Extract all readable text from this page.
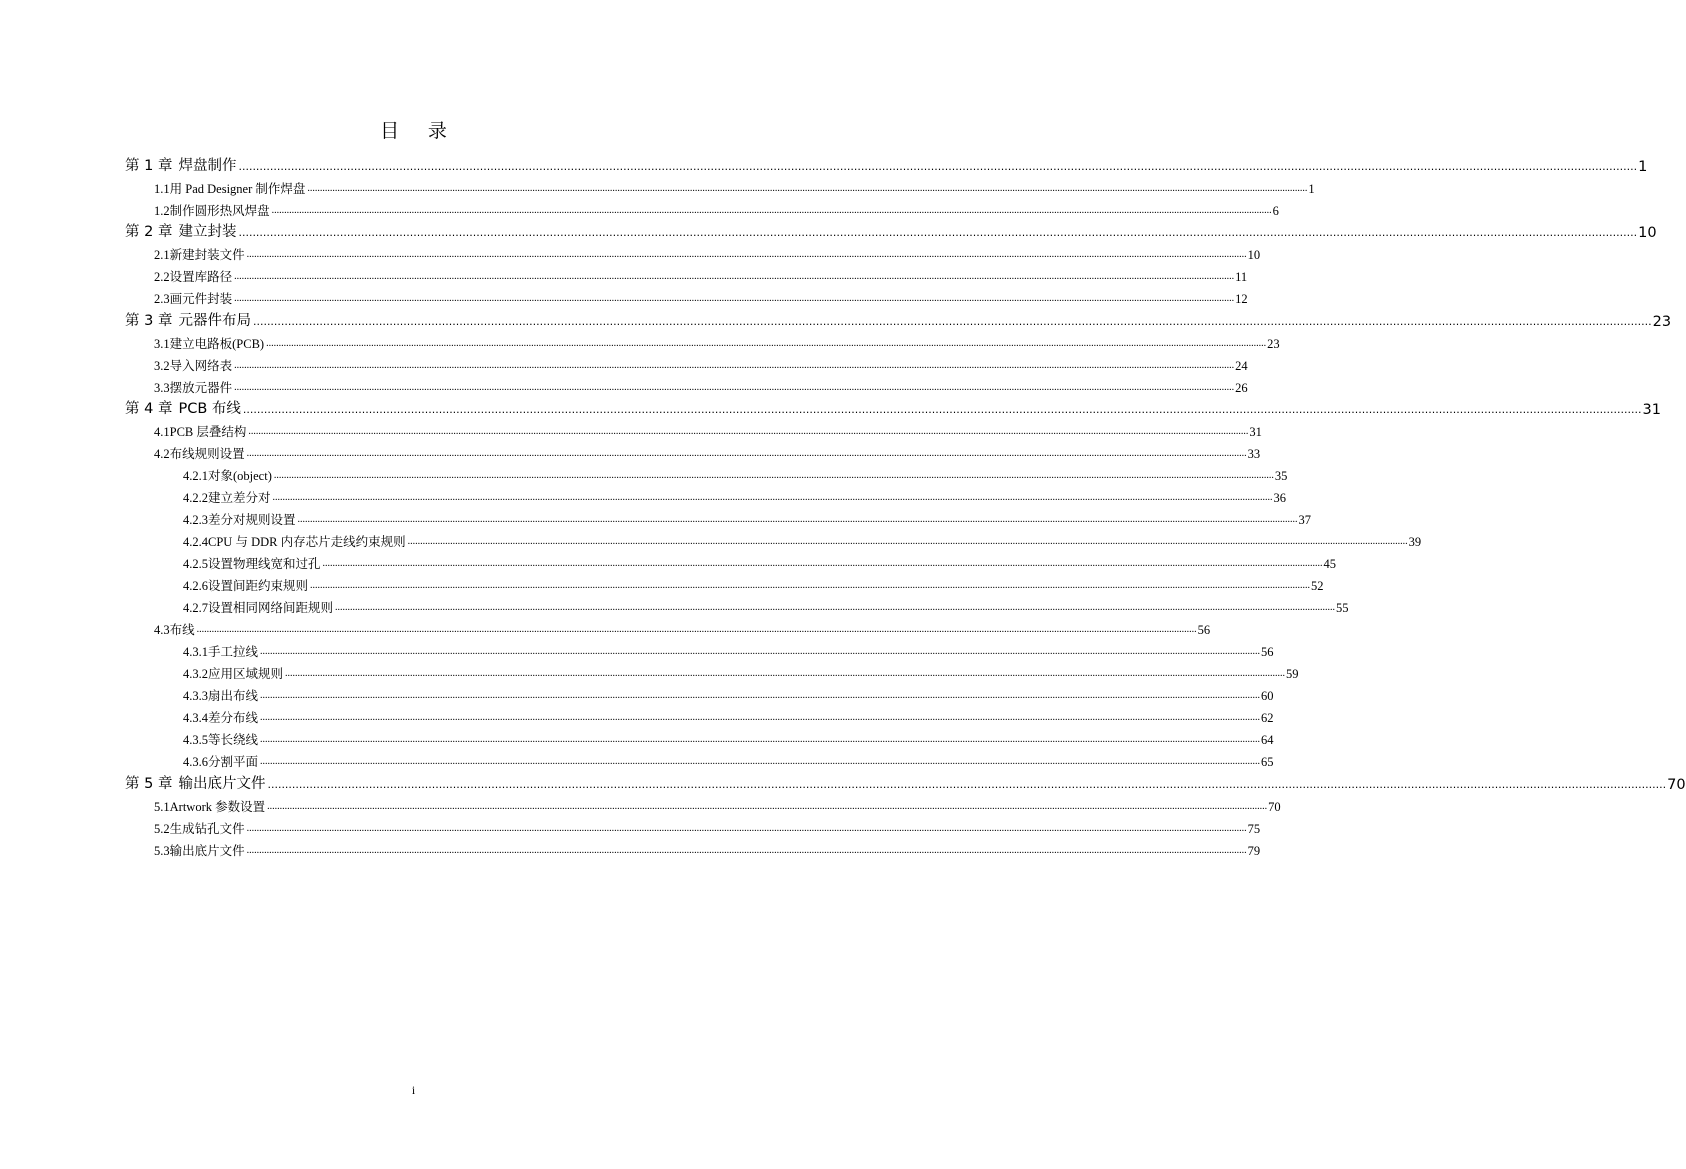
目 录
第 1 章 焊盘制作 ................................................................................................................................................................................................................................................................................................................................................................................................................ 1
1.1 用 Pad Designer 制作焊盘 ................................................................................................................................................................................................................................................................................................................................................................................................................ 1
1.2 制作圆形热风焊盘 ................................................................................................................................................................................................................................................................................................................................................................................................................ 6
第 2 章 建立封装 ................................................................................................................................................................................................................................................................................................................................................................................................................ 10
2.1 新建封装文件 ................................................................................................................................................................................................................................................................................................................................................................................................................ 10
2.2 设置库路径 ................................................................................................................................................................................................................................................................................................................................................................................................................ 11
2.3 画元件封装 ................................................................................................................................................................................................................................................................................................................................................................................................................ 12
第 3 章 元器件布局 ................................................................................................................................................................................................................................................................................................................................................................................................................ 23
3.1 建立电路板(PCB) ................................................................................................................................................................................................................................................................................................................................................................................................................ 23
3.2 导入网络表 ................................................................................................................................................................................................................................................................................................................................................................................................................ 24
3.3 摆放元器件 ................................................................................................................................................................................................................................................................................................................................................................................................................ 26
第 4 章 PCB 布线 ................................................................................................................................................................................................................................................................................................................................................................................................................ 31
4.1 PCB 层叠结构 ................................................................................................................................................................................................................................................................................................................................................................................................................ 31
4.2 布线规则设置 ................................................................................................................................................................................................................................................................................................................................................................................................................ 33
4.2.1 对象(object) ................................................................................................................................................................................................................................................................................................................................................................................................................ 35
4.2.2 建立差分对 ................................................................................................................................................................................................................................................................................................................................................................................................................ 36
4.2.3 差分对规则设置 ................................................................................................................................................................................................................................................................................................................................................................................................................ 37
4.2.4 CPU 与 DDR 内存芯片走线约束规则 ................................................................................................................................................................................................................................................................................................................................................................................................................ 39
4.2.5 设置物理线宽和过孔 ................................................................................................................................................................................................................................................................................................................................................................................................................ 45
4.2.6 设置间距约束规则 ................................................................................................................................................................................................................................................................................................................................................................................................................ 52
4.2.7 设置相同网络间距规则 ................................................................................................................................................................................................................................................................................................................................................................................................................ 55
4.3 布线 ................................................................................................................................................................................................................................................................................................................................................................................................................ 56
4.3.1 手工拉线 ................................................................................................................................................................................................................................................................................................................................................................................................................ 56
4.3.2 应用区域规则 ................................................................................................................................................................................................................................................................................................................................................................................................................ 59
4.3.3 扇出布线 ................................................................................................................................................................................................................................................................................................................................................................................................................ 60
4.3.4 差分布线 ................................................................................................................................................................................................................................................................................................................................................................................................................ 62
4.3.5 等长绕线 ................................................................................................................................................................................................................................................................................................................................................................................................................ 64
4.3.6 分割平面 ................................................................................................................................................................................................................................................................................................................................................................................................................ 65
第 5 章 输出底片文件 ................................................................................................................................................................................................................................................................................................................................................................................................................ 70
5.1 Artwork 参数设置 ................................................................................................................................................................................................................................................................................................................................................................................................................ 70
5.2 生成钻孔文件 ................................................................................................................................................................................................................................................................................................................................................................................................................ 75
5.3 输出底片文件 ................................................................................................................................................................................................................................................................................................................................................................................................................ 79
i
